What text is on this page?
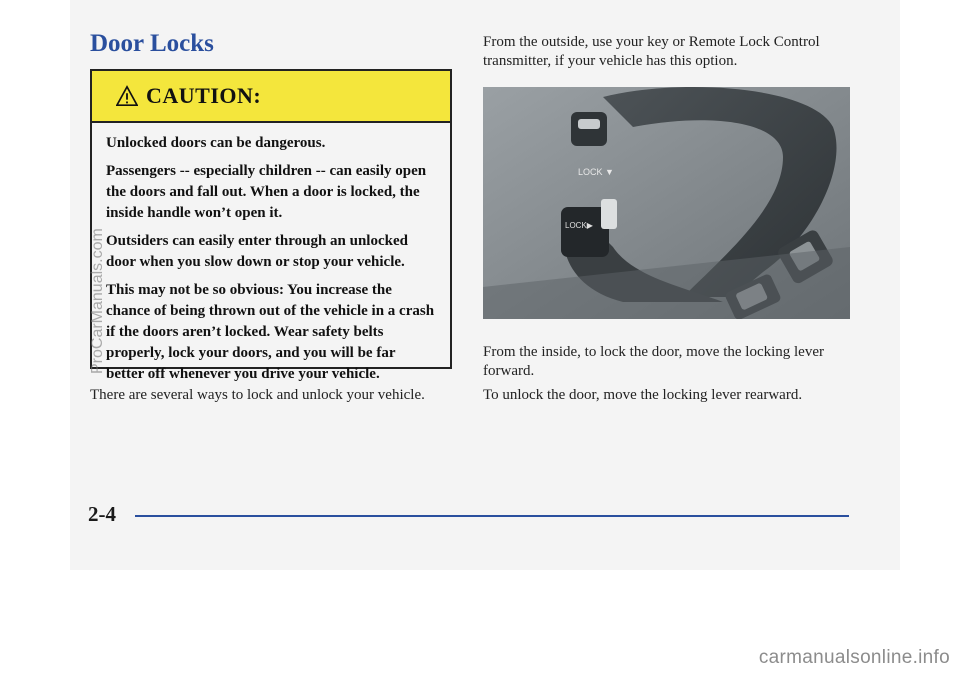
Door Locks
CAUTION:

Unlocked doors can be dangerous.

Passengers -- especially children -- can easily open the doors and fall out. When a door is locked, the inside handle won’t open it.

Outsiders can easily enter through an unlocked door when you slow down or stop your vehicle.

This may not be so obvious: You increase the chance of being thrown out of the vehicle in a crash if the doors aren’t locked. Wear safety belts properly, lock your doors, and you will be far better off whenever you drive your vehicle.

There are several ways to lock and unlock your vehicle.

From the outside, use your key or Remote Lock Control transmitter, if your vehicle has this option.

LOCK ▼
LOCK▶

From the inside, to lock the door, move the locking lever forward.

To unlock the door, move the locking lever rearward.

2-4
ProCarManuals.com
carmanualsonline.info
